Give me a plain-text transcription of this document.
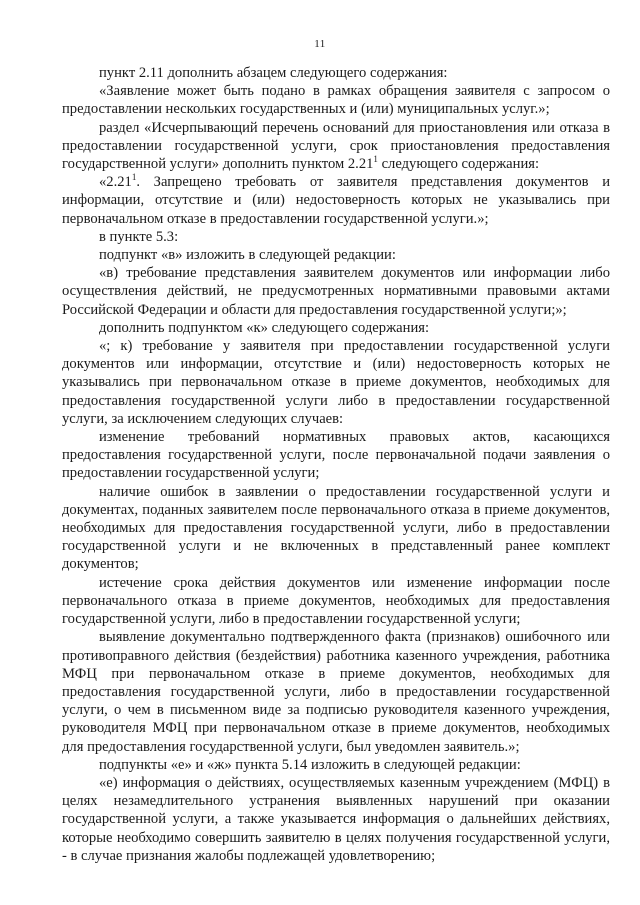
11

пункт 2.11 дополнить абзацем следующего содержания:

«Заявление может быть подано в рамках обращения заявителя с запросом о предоставлении нескольких государственных и (или) муниципальных услуг.»;

раздел «Исчерпывающий перечень оснований для приостановления или отказа в предоставлении государственной услуги, срок приостановления предоставления государственной услуги» дополнить пунктом 2.21$^1$ следующего содержания:

«2.21$^1$. Запрещено требовать от заявителя представления документов и информации, отсутствие и (или) недостоверность которых не указывались при первоначальном отказе в предоставлении государственной услуги.»;

в пункте 5.3:

подпункт «в» изложить в следующей редакции:

«в) требование представления заявителем документов или информации либо осуществления действий, не предусмотренных нормативными правовыми актами Российской Федерации и области для предоставления государственной услуги;»;

дополнить подпунктом «к» следующего содержания:

«; к) требование у заявителя при предоставлении государственной услуги документов или информации, отсутствие и (или) недостоверность которых не указывались при первоначальном отказе в приеме документов, необходимых для предоставления государственной услуги либо в предоставлении государственной услуги, за исключением следующих случаев:

изменение требований нормативных правовых актов, касающихся предоставления государственной услуги, после первоначальной подачи заявления о предоставлении государственной услуги;

наличие ошибок в заявлении о предоставлении государственной услуги и документах, поданных заявителем после первоначального отказа в приеме документов, необходимых для предоставления государственной услуги, либо в предоставлении государственной услуги и не включенных в представленный ранее комплект документов;

истечение срока действия документов или изменение информации после первоначального отказа в приеме документов, необходимых для предоставления государственной услуги, либо в предоставлении государственной услуги;

выявление документально подтвержденного факта (признаков) ошибочного или противоправного действия (бездействия) работника казенного учреждения, работника МФЦ при первоначальном отказе в приеме документов, необходимых для предоставления государственной услуги, либо в предоставлении государственной услуги, о чем в письменном виде за подписью руководителя казенного учреждения, руководителя МФЦ при первоначальном отказе в приеме документов, необходимых для предоставления государственной услуги, был уведомлен заявитель.»;

подпункты «е» и «ж» пункта 5.14 изложить в следующей редакции:

«е) информация о действиях, осуществляемых казенным учреждением (МФЦ) в целях незамедлительного устранения выявленных нарушений при оказании государственной услуги, а также указывается информация о дальнейших действиях, которые необходимо совершить заявителю в целях получения государственной услуги, - в случае признания жалобы подлежащей удовлетворению;
